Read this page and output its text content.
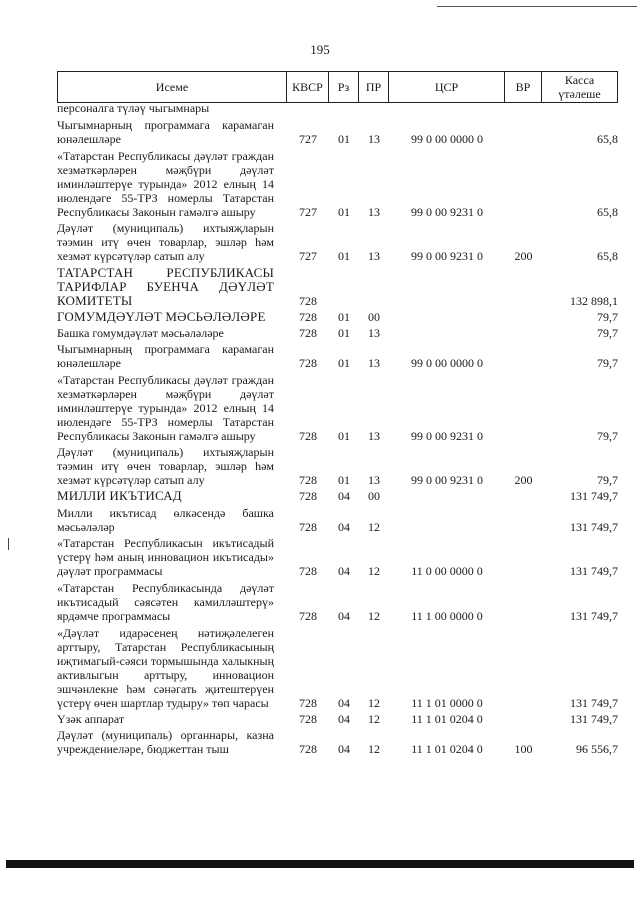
195
Исеме	КВСР	Рз	ПР	ЦСР	ВР	Касса
үтәлеше
персоналга түләү чыгымнары
Чыгымнарның программага карамаган юнәлешләре	727	01	13	99 0 00 0000 0	65,8
«Татарстан Республикасы дәүләт граждан хезмәткәрләрен мәҗбүри дәүләт иминләштерүе турында» 2012 елның 14 июлендәге 55-ТРЗ номерлы Татарстан Республикасы Законын гамәлгә ашыру	727	01	13	99 0 00 9231 0	65,8
Дәүләт (муниципаль) ихтыяҗларын тәэмин итү өчен товарлар, эшләр һәм хезмәт күрсәтүләр сатып алу	727	01	13	99 0 00 9231 0	200	65,8
ТАТАРСТАН РЕСПУБЛИКАСЫ ТАРИФЛАР БУЕНЧА ДӘҮЛӘТ КОМИТЕТЫ	728	132 898,1
ГОМУМДӘҮЛӘТ МӘСЬӘЛӘЛӘРЕ	728	01	00	79,7
Башка гомумдәүләт мәсьәләләре	728	01	13	79,7
Чыгымнарның программага карамаган юнәлешләре	728	01	13	99 0 00 0000 0	79,7
«Татарстан Республикасы дәүләт граждан хезмәткәрләрен мәҗбүри дәүләт иминләштерүе турында» 2012 елның 14 июлендәге 55-ТРЗ номерлы Татарстан Республикасы Законын гамәлгә ашыру	728	01	13	99 0 00 9231 0	79,7
Дәүләт (муниципаль) ихтыяҗларын тәэмин итү өчен товарлар, эшләр һәм хезмәт күрсәтүләр сатып алу	728	01	13	99 0 00 9231 0	200	79,7
МИЛЛИ ИКЪТИСАД	728	04	00	131 749,7
Милли икътисад өлкәсендә башка мәсьәләләр	728	04	12	131 749,7
«Татарстан Республикасын икътисадый үстерү һәм аның инновацион икътисады» дәүләт программасы	728	04	12	11 0 00 0000 0	131 749,7
«Татарстан Республикасында дәүләт икътисадый сәясәтен камилләштерү» ярдәмче программасы	728	04	12	11 1 00 0000 0	131 749,7
«Дәүләт идарәсенең нәтиҗәлелеген арттыру, Татарстан Республикасының иҗтимагый-сәяси тормышында халыкның активлыгын арттыру, инновацион эшчәнлекне һәм сәнәгать җитештерүен үстерү өчен шартлар тудыру» төп чарасы	728	04	12	11 1 01 0000 0	131 749,7
Үзәк аппарат	728	04	12	11 1 01 0204 0	131 749,7
Дәүләт (муниципаль) органнары, казна учреждениеләре, бюджеттан тыш	728	04	12	11 1 01 0204 0	100	96 556,7
